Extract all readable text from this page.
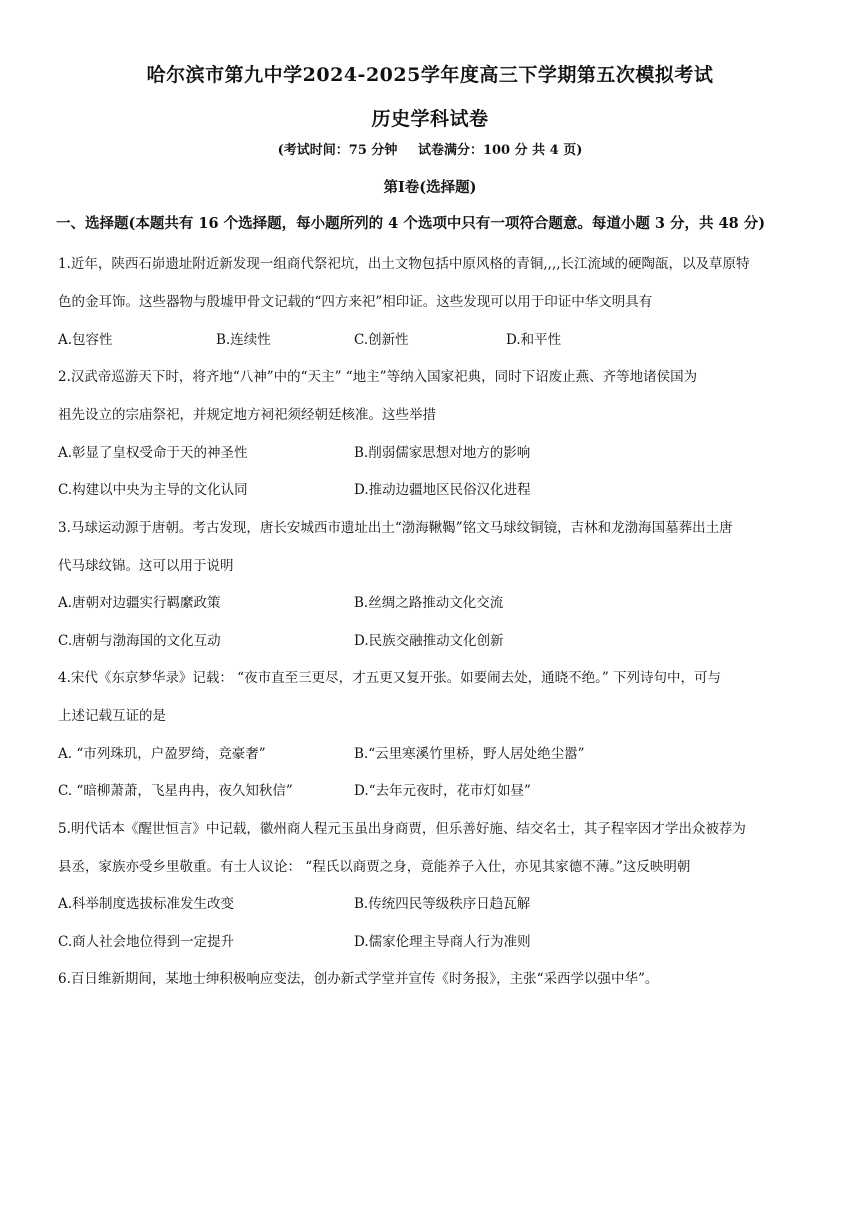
哈尔滨市第九中学2024-2025学年度高三下学期第五次模拟考试
历史学科试卷
(考试时间：75 分钟 试卷满分：100 分 共 4 页)
第Ⅰ卷(选择题)
一、选择题(本题共有 16 个选择题，每小题所列的 4 个选项中只有一项符合题意。每道小题 3 分，共 48 分)
1.近年，陕西石峁遗址附近新发现一组商代祭祀坑，出土文物包括中原风格的青铜,,,,长江流域的硬陶瓿，以及草原特
色的金耳饰。这些器物与殷墟甲骨文记载的“四方来祀”相印证。这些发现可以用于印证中华文明具有
A.包容性	B.连续性	C.创新性	D.和平性
2.汉武帝巡游天下时，将齐地“八神”中的“天主” “地主”等纳入国家祀典，同时下诏废止燕、齐等地诸侯国为
祖先设立的宗庙祭祀，并规定地方祠祀须经朝廷核准。这些举措
A.彰显了皇权受命于天的神圣性	B.削弱儒家思想对地方的影响
C.构建以中央为主导的文化认同	D.推动边疆地区民俗汉化进程
3.马球运动源于唐朝。考古发现，唐长安城西市遗址出土“渤海鞦鞨”铭文马球纹铜镜，吉林和龙渤海国墓葬出土唐
代马球纹锦。这可以用于说明
A.唐朝对边疆实行羁縻政策	B.丝绸之路推动文化交流
C.唐朝与渤海国的文化互动	D.民族交融推动文化创新
4.宋代《东京梦华录》记载： “夜市直至三更尽，才五更又复开张。如要闹去处，通晓不绝。” 下列诗句中，可与
上述记载互证的是
A. “市列珠玑，户盈罗绮，竞豪奢”	B.“云里寒溪竹里桥，野人居处绝尘嚣”
C. “暗柳萧萧，飞星冉冉，夜久知秋信”	D.“去年元夜时，花市灯如昼”
5.明代话本《醒世恒言》中记载，徽州商人程元玉虽出身商贾，但乐善好施、结交名士，其子程宰因才学出众被荐为
县丞，家族亦受乡里敬重。有士人议论： “程氏以商贾之身，竟能养子入仕，亦见其家德不薄。”这反映明朝
A.科举制度选拔标准发生改变	B.传统四民等级秩序日趋瓦解
C.商人社会地位得到一定提升	D.儒家伦理主导商人行为准则
6.百日维新期间，某地士绅积极响应变法，创办新式学堂并宣传《时务报》，主张“采西学以强中华”。
